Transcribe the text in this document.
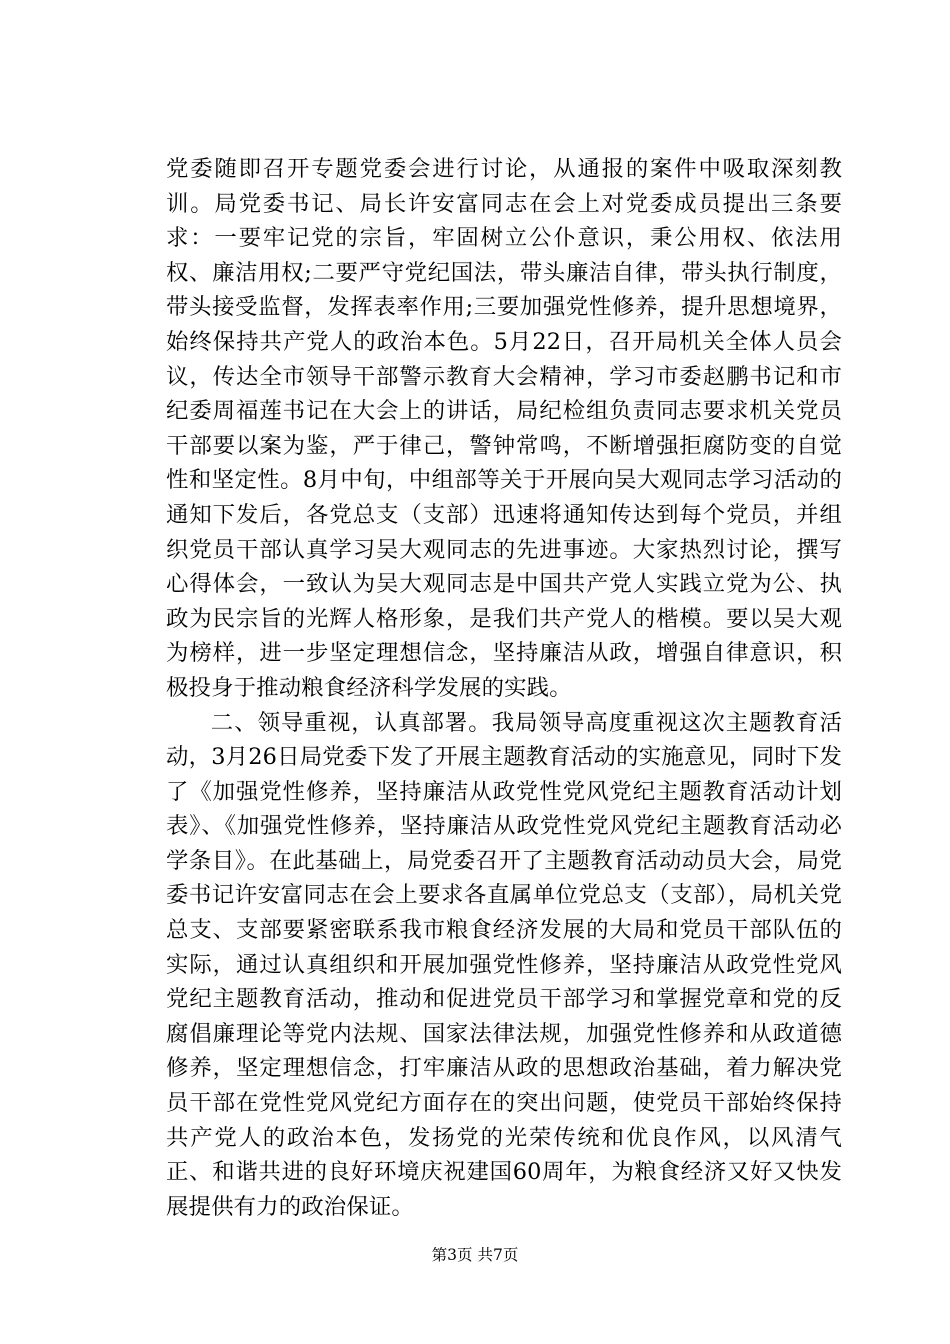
党委随即召开专题党委会进行讨论，从通报的案件中吸取深刻教训。局党委书记、局长许安富同志在会上对党委成员提出三条要求：一要牢记党的宗旨，牢固树立公仆意识，秉公用权、依法用权、廉洁用权;二要严守党纪国法，带头廉洁自律，带头执行制度，带头接受监督，发挥表率作用;三要加强党性修养，提升思想境界，始终保持共产党人的政治本色。5月22日，召开局机关全体人员会议，传达全市领导干部警示教育大会精神，学习市委赵鹏书记和市纪委周福莲书记在大会上的讲话，局纪检组负责同志要求机关党员干部要以案为鉴，严于律己，警钟常鸣，不断增强拒腐防变的自觉性和坚定性。8月中旬，中组部等关于开展向吴大观同志学习活动的通知下发后，各党总支（支部）迅速将通知传达到每个党员，并组织党员干部认真学习吴大观同志的先进事迹。大家热烈讨论，撰写心得体会，一致认为吴大观同志是中国共产党人实践立党为公、执政为民宗旨的光辉人格形象，是我们共产党人的楷模。要以吴大观为榜样，进一步坚定理想信念，坚持廉洁从政，增强自律意识，积极投身于推动粮食经济科学发展的实践。

二、领导重视，认真部署。我局领导高度重视这次主题教育活动，3月26日局党委下发了开展主题教育活动的实施意见，同时下发了《加强党性修养，坚持廉洁从政党性党风党纪主题教育活动计划表》、《加强党性修养，坚持廉洁从政党性党风党纪主题教育活动必学条目》。在此基础上，局党委召开了主题教育活动动员大会，局党委书记许安富同志在会上要求各直属单位党总支（支部），局机关党总支、支部要紧密联系我市粮食经济发展的大局和党员干部队伍的实际，通过认真组织和开展加强党性修养，坚持廉洁从政党性党风党纪主题教育活动，推动和促进党员干部学习和掌握党章和党的反腐倡廉理论等党内法规、国家法律法规，加强党性修养和从政道德修养，坚定理想信念，打牢廉洁从政的思想政治基础，着力解决党员干部在党性党风党纪方面存在的突出问题，使党员干部始终保持共产党人的政治本色，发扬党的光荣传统和优良作风，以风清气正、和谐共进的良好环境庆祝建国60周年，为粮食经济又好又快发展提供有力的政治保证。

第3页 共7页
